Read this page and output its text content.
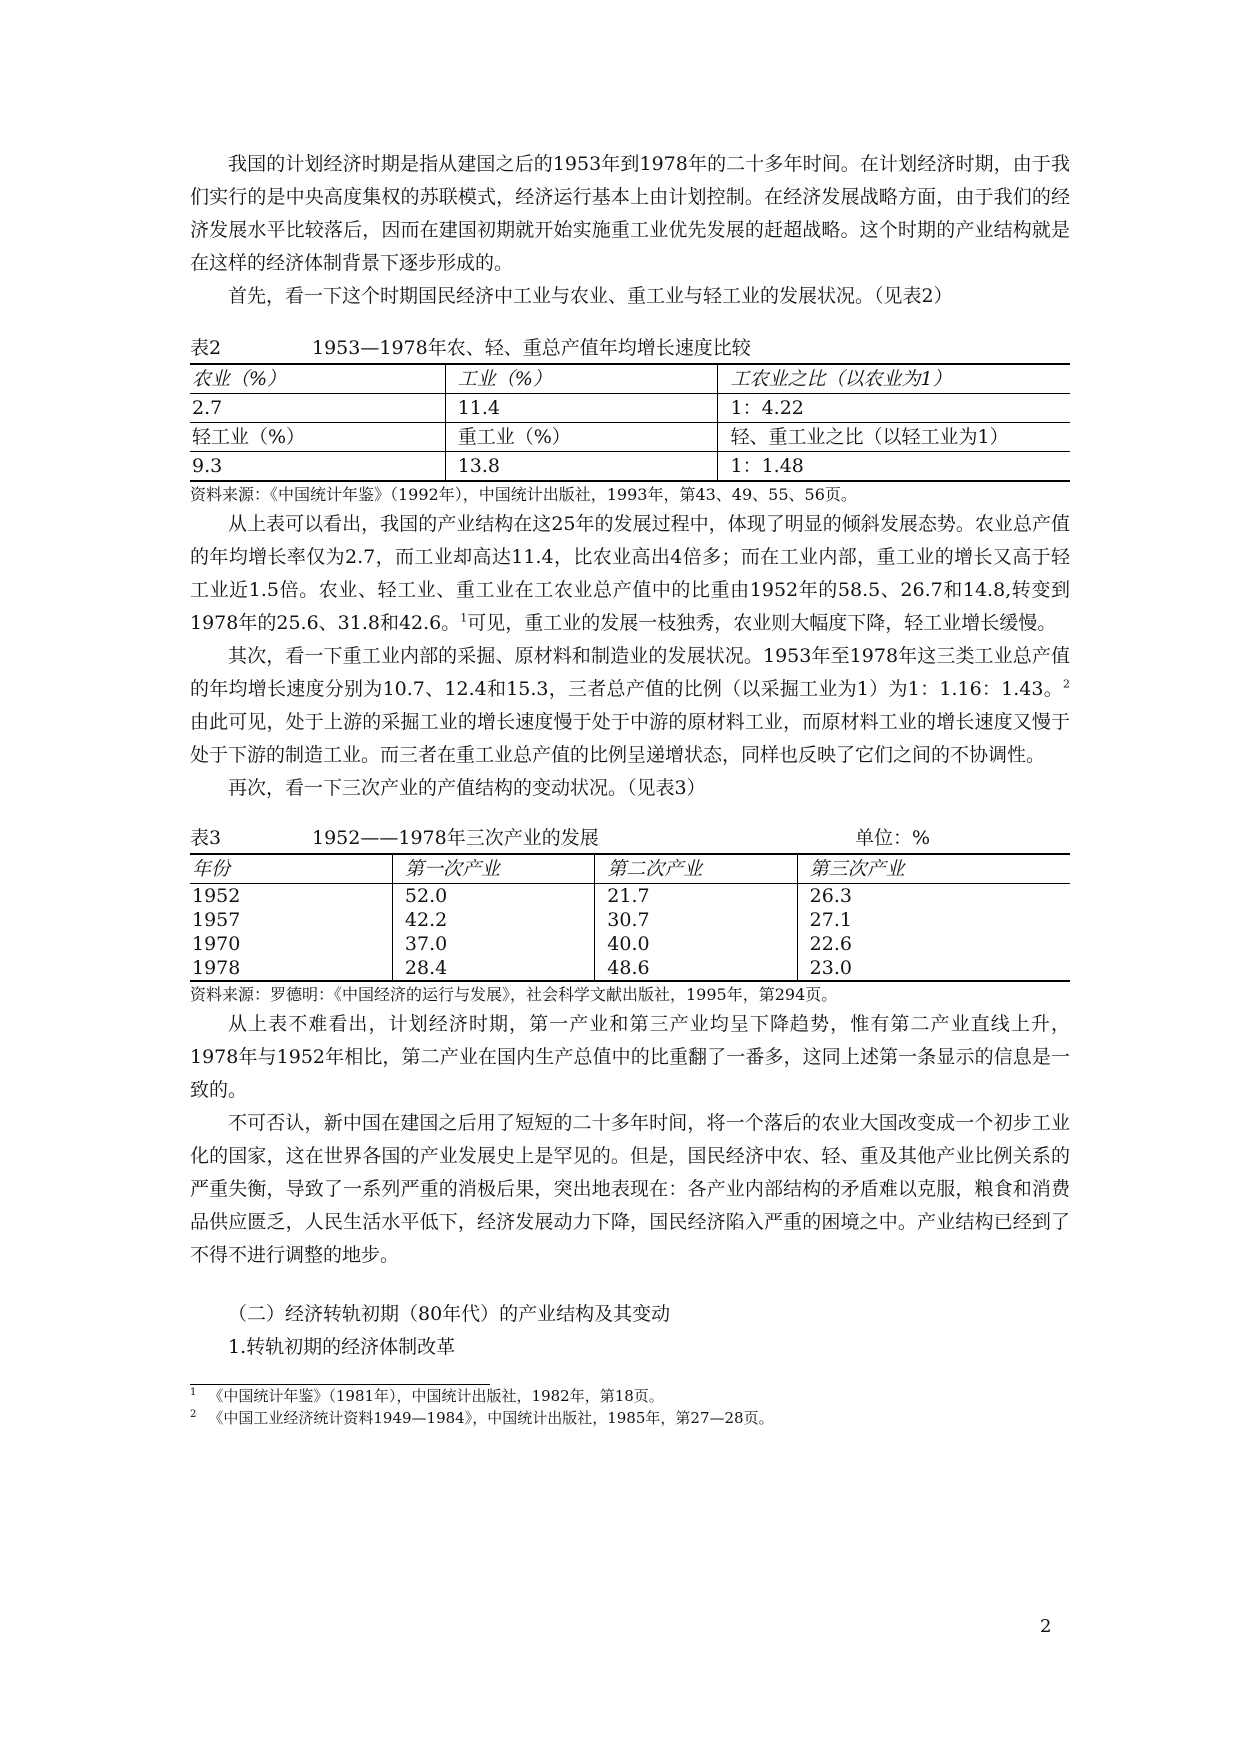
我国的计划经济时期是指从建国之后的1953年到1978年的二十多年时间。在计划经济时期，由于我们实行的是中央高度集权的苏联模式，经济运行基本上由计划控制。在经济发展战略方面，由于我们的经济发展水平比较落后，因而在建国初期就开始实施重工业优先发展的赶超战略。这个时期的产业结构就是在这样的经济体制背景下逐步形成的。

首先，看一下这个时期国民经济中工业与农业、重工业与轻工业的发展状况。（见表2）

表2	1953—1978年农、轻、重总产值年均增长速度比较
农业（%）	工业（%）	工农业之比（以农业为1）
2.7	11.4	1：4.22
轻工业（%）	重工业（%）	轻、重工业之比（以轻工业为1）
9.3	13.8	1：1.48
资料来源：《中国统计年鉴》（1992年），中国统计出版社，1993年，第43、49、55、56页。

从上表可以看出，我国的产业结构在这25年的发展过程中，体现了明显的倾斜发展态势。农业总产值的年均增长率仅为2.7，而工业却高达11.4，比农业高出4倍多；而在工业内部，重工业的增长又高于轻工业近1.5倍。农业、轻工业、重工业在工农业总产值中的比重由1952年的58.5、26.7和14.8,转变到1978年的25.6、31.8和42.6。$^1$可见，重工业的发展一枝独秀，农业则大幅度下降，轻工业增长缓慢。

其次，看一下重工业内部的采掘、原材料和制造业的发展状况。1953年至1978年这三类工业总产值的年均增长速度分别为10.7、12.4和15.3，三者总产值的比例（以采掘工业为1）为1：1.16：1.43。$^2$由此可见，处于上游的采掘工业的增长速度慢于处于中游的原材料工业，而原材料工业的增长速度又慢于处于下游的制造工业。而三者在重工业总产值的比例呈递增状态，同样也反映了它们之间的不协调性。

再次，看一下三次产业的产值结构的变动状况。（见表3）

表3	1952——1978年三次产业的发展	单位：%
年份	第一次产业	第二次产业	第三次产业
1952	52.0	21.7	26.3
1957	42.2	30.7	27.1
1970	37.0	40.0	22.6
1978	28.4	48.6	23.0
资料来源：罗德明：《中国经济的运行与发展》，社会科学文献出版社，1995年，第294页。

从上表不难看出，计划经济时期，第一产业和第三产业均呈下降趋势，惟有第二产业直线上升，1978年与1952年相比，第二产业在国内生产总值中的比重翻了一番多，这同上述第一条显示的信息是一致的。

不可否认，新中国在建国之后用了短短的二十多年时间，将一个落后的农业大国改变成一个初步工业化的国家，这在世界各国的产业发展史上是罕见的。但是，国民经济中农、轻、重及其他产业比例关系的严重失衡，导致了一系列严重的消极后果，突出地表现在：各产业内部结构的矛盾难以克服，粮食和消费品供应匮乏，人民生活水平低下，经济发展动力下降，国民经济陷入严重的困境之中。产业结构已经到了不得不进行调整的地步。

（二）经济转轨初期（80年代）的产业结构及其变动

1.转轨初期的经济体制改革

$^1$ 《中国统计年鉴》（1981年），中国统计出版社，1982年，第18页。
$^2$ 《中国工业经济统计资料1949—1984》，中国统计出版社，1985年，第27—28页。
2
